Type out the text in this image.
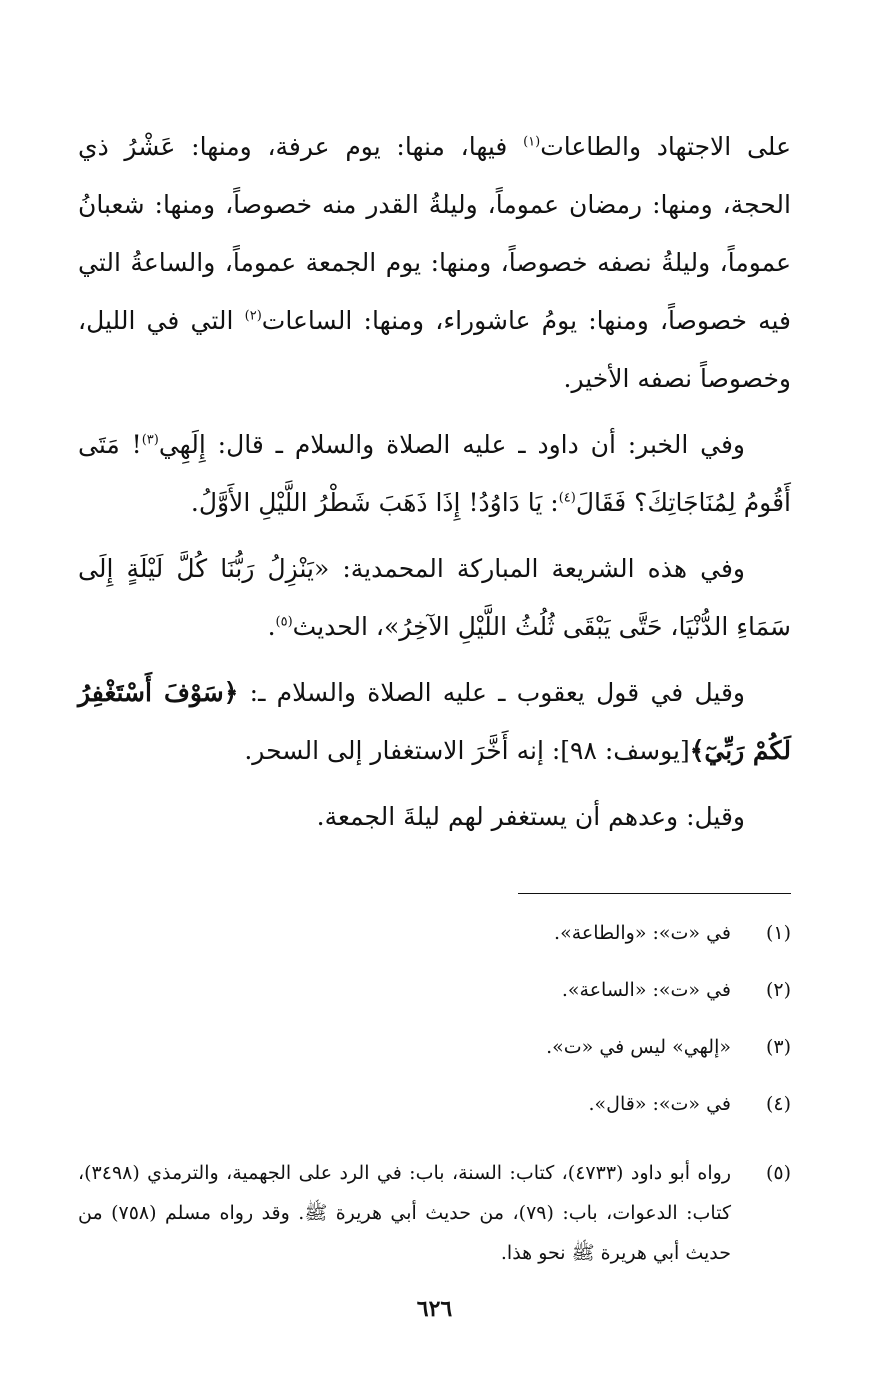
على الاجتهاد والطاعات$^{(١)}$ فيها، منها: يوم عرفة، ومنها: عَشْرُ ذي الحجة، ومنها: رمضان عموماً، وليلةُ القدر منه خصوصاً، ومنها: شعبانُ عموماً، وليلةُ نصفه خصوصاً، ومنها: يوم الجمعة عموماً، والساعةُ التي فيه خصوصاً، ومنها: يومُ عاشوراء، ومنها: الساعات$^{(٢)}$ التي في الليل، وخصوصاً نصفه الأخير.

وفي الخبر: أن داود ـ عليه الصلاة والسلام ـ قال: إِلَهِي$^{(٣)}$! مَتَى أَقُومُ لِمُنَاجَاتِكَ؟ فَقَالَ$^{(٤)}$: يَا دَاوُدُ! إِذَا ذَهَبَ شَطْرُ اللَّيْلِ الأَوَّلُ.

وفي هذه الشريعة المباركة المحمدية: «يَنْزِلُ رَبُّنَا كُلَّ لَيْلَةٍ إِلَى سَمَاءِ الدُّنْيَا، حَتَّى يَبْقَى ثُلُثُ اللَّيْلِ الآخِرُ»، الحديث$^{(٥)}$.

وقيل في قول يعقوب ـ عليه الصلاة والسلام ـ: ﴿سَوْفَ أَسْتَغْفِرُ لَكُمْ رَبِّيٓ﴾[يوسف: ٩٨]: إنه أَخَّرَ الاستغفار إلى السحر.

وقيل: وعدهم أن يستغفر لهم ليلةَ الجمعة.

(١)
في «ت»: «والطاعة».
(٢)
في «ت»: «الساعة».
(٣)
«إلهي» ليس في «ت».
(٤)
في «ت»: «قال».
(٥)
رواه أبو داود (٤٧٣٣)، كتاب: السنة، باب: في الرد على الجهمية، والترمذي (٣٤٩٨)، كتاب: الدعوات، باب: (٧٩)، من حديث أبي هريرة ﷺ. وقد رواه مسلم (٧٥٨) من حديث أبي هريرة ﷺ نحو هذا.
٦٢٦
